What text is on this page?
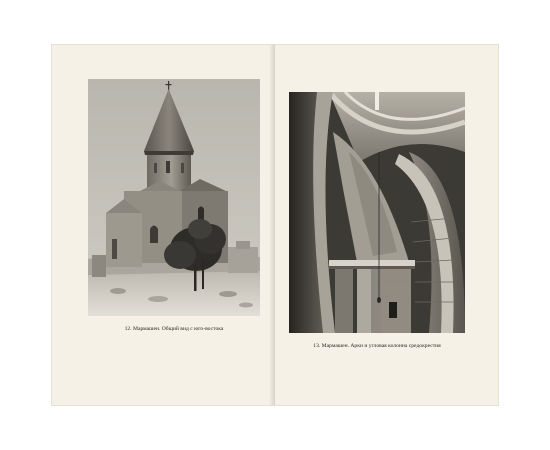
12. Мармашен. Общий вид с юго-востока
13. Мармашен. Арки и угловая колонна средокрестия
